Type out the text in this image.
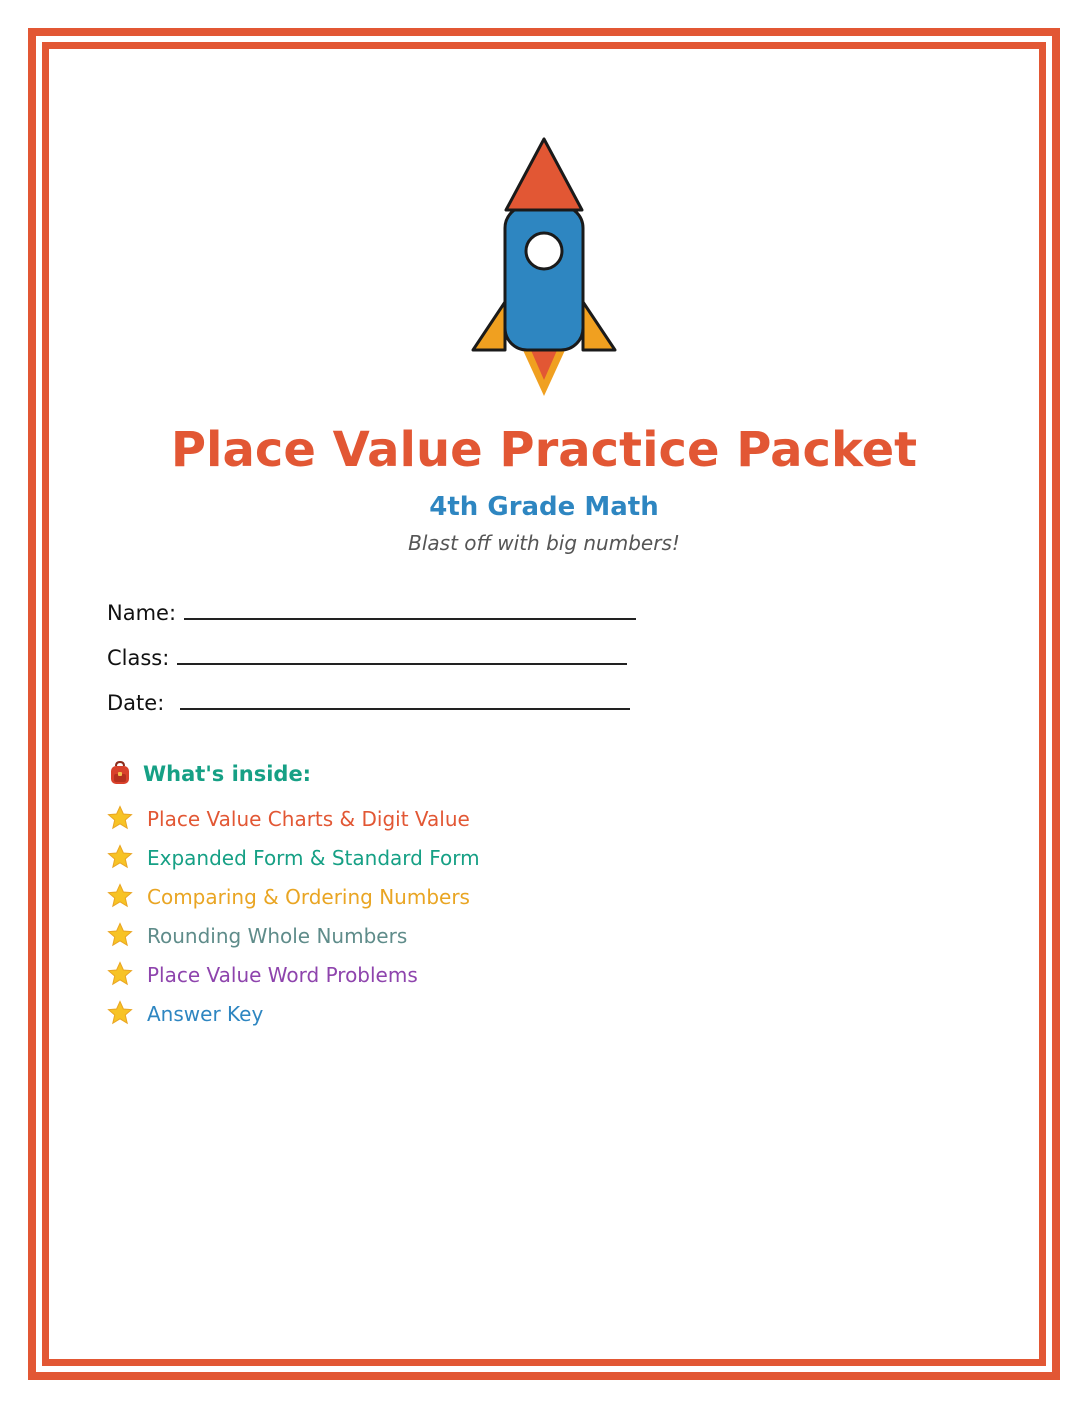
Place Value Practice Packet
4th Grade Math
Blast off with big numbers!
Name:
Class:
Date:
What's inside:
Place Value Charts & Digit Value
Expanded Form & Standard Form
Comparing & Ordering Numbers
Rounding Whole Numbers
Place Value Word Problems
Answer Key
